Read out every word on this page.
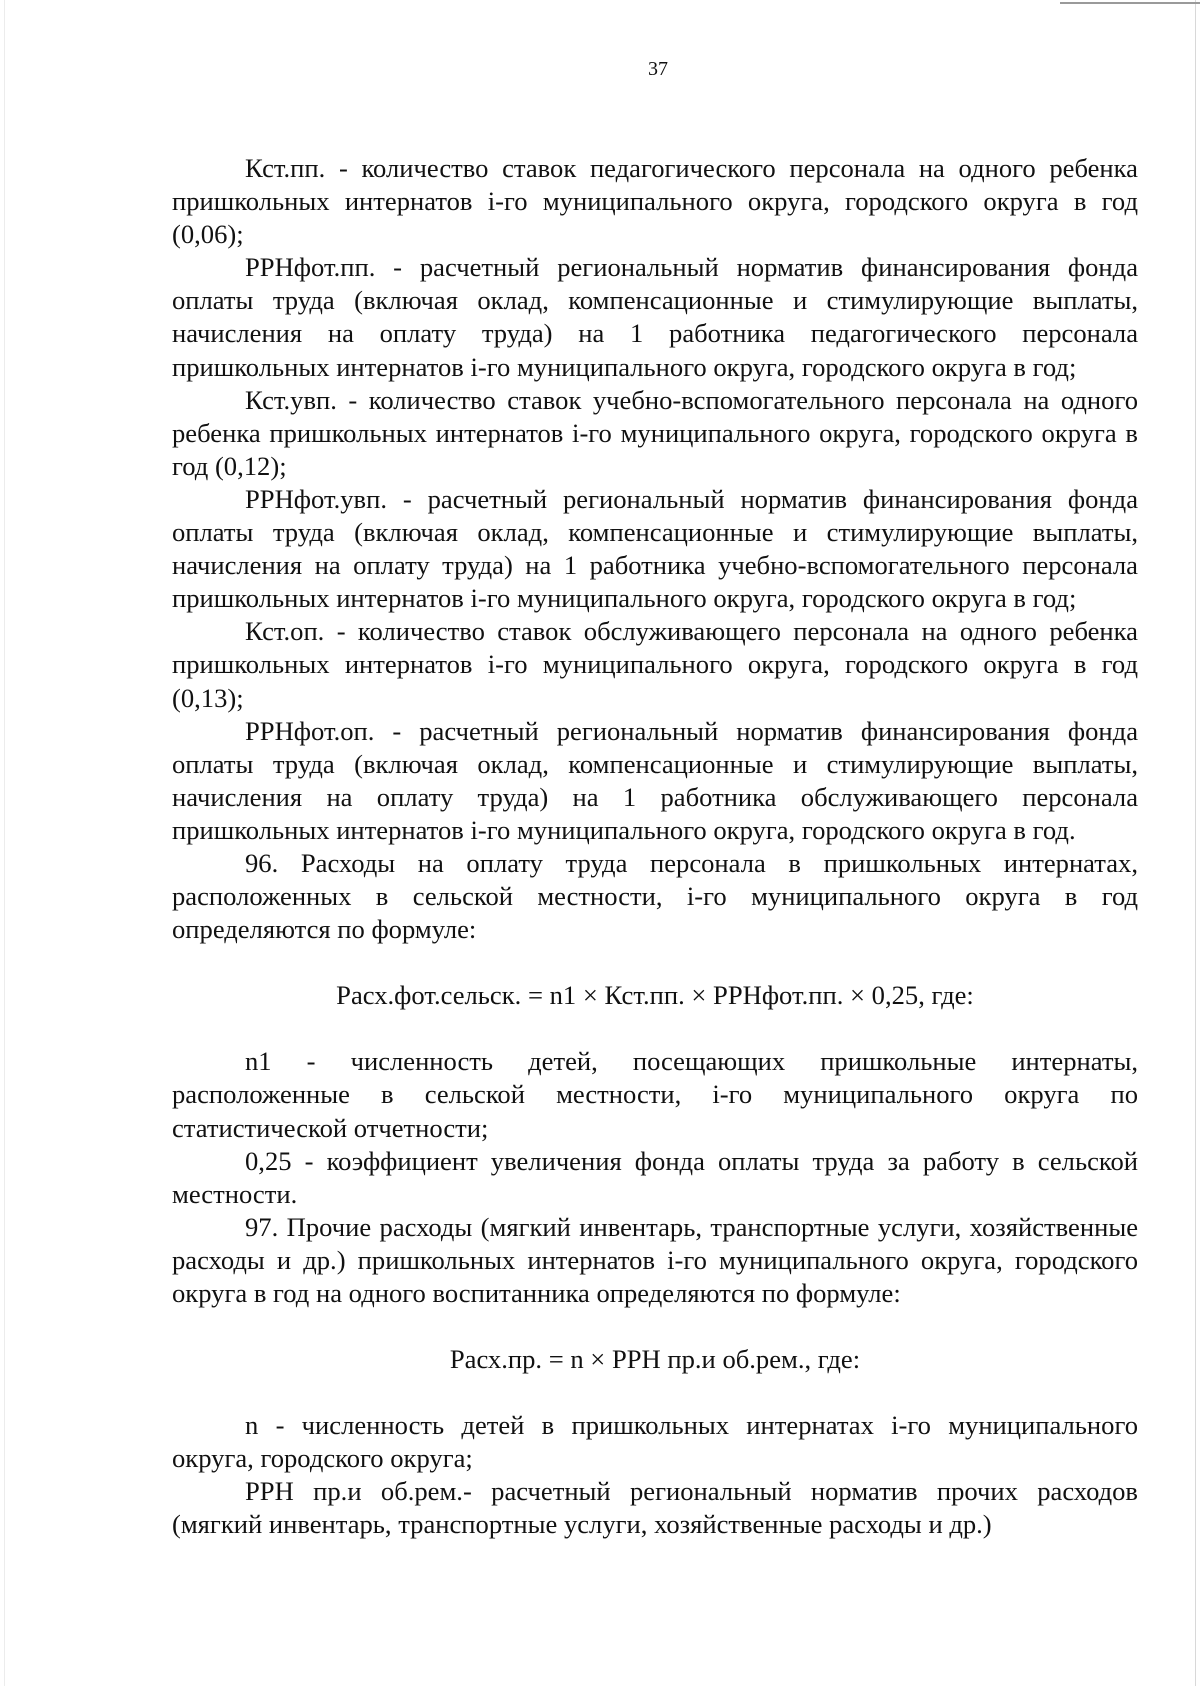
37

Кст.пп. - количество ставок педагогического персонала на одного ребенка пришкольных интернатов i-го муниципального округа, городского округа в год (0,06);

РРНфот.пп. - расчетный региональный норматив финансирования фонда оплаты труда (включая оклад, компенсационные и стимулирующие выплаты, начисления на оплату труда) на 1 работника педагогического персонала пришкольных интернатов i-го муниципального округа, городского округа в год;

Кст.увп. - количество ставок учебно-вспомогательного персонала на одного ребенка пришкольных интернатов i-го муниципального округа, городского округа в год (0,12);

РРНфот.увп. - расчетный региональный норматив финансирования фонда оплаты труда (включая оклад, компенсационные и стимулирующие выплаты, начисления на оплату труда) на 1 работника учебно-вспомогательного персонала пришкольных интернатов i-го муниципального округа, городского округа в год;

Кст.оп. - количество ставок обслуживающего персонала на одного ребенка пришкольных интернатов i-го муниципального округа, городского округа в год (0,13);

РРНфот.оп. - расчетный региональный норматив финансирования фонда оплаты труда (включая оклад, компенсационные и стимулирующие выплаты, начисления на оплату труда) на 1 работника обслуживающего персонала пришкольных интернатов i-го муниципального округа, городского округа в год.

96. Расходы на оплату труда персонала в пришкольных интернатах, расположенных в сельской местности, i-го муниципального округа в год определяются по формуле:

Расх.фот.сельск. = n1 × Кст.пп. × РРНфот.пп. × 0,25, где:

n1 - численность детей, посещающих пришкольные интернаты, расположенные в сельской местности, i-го муниципального округа по статистической отчетности;

0,25 - коэффициент увеличения фонда оплаты труда за работу в сельской местности.

97. Прочие расходы (мягкий инвентарь, транспортные услуги, хозяйственные расходы и др.) пришкольных интернатов i-го муниципального округа, городского округа в год на одного воспитанника определяются по формуле:

Расх.пр. = n × РРН пр.и об.рем., где:

n - численность детей в пришкольных интернатах i-го муниципального округа, городского округа;

РРН пр.и об.рем.- расчетный региональный норматив прочих расходов (мягкий инвентарь, транспортные услуги, хозяйственные расходы и др.)
